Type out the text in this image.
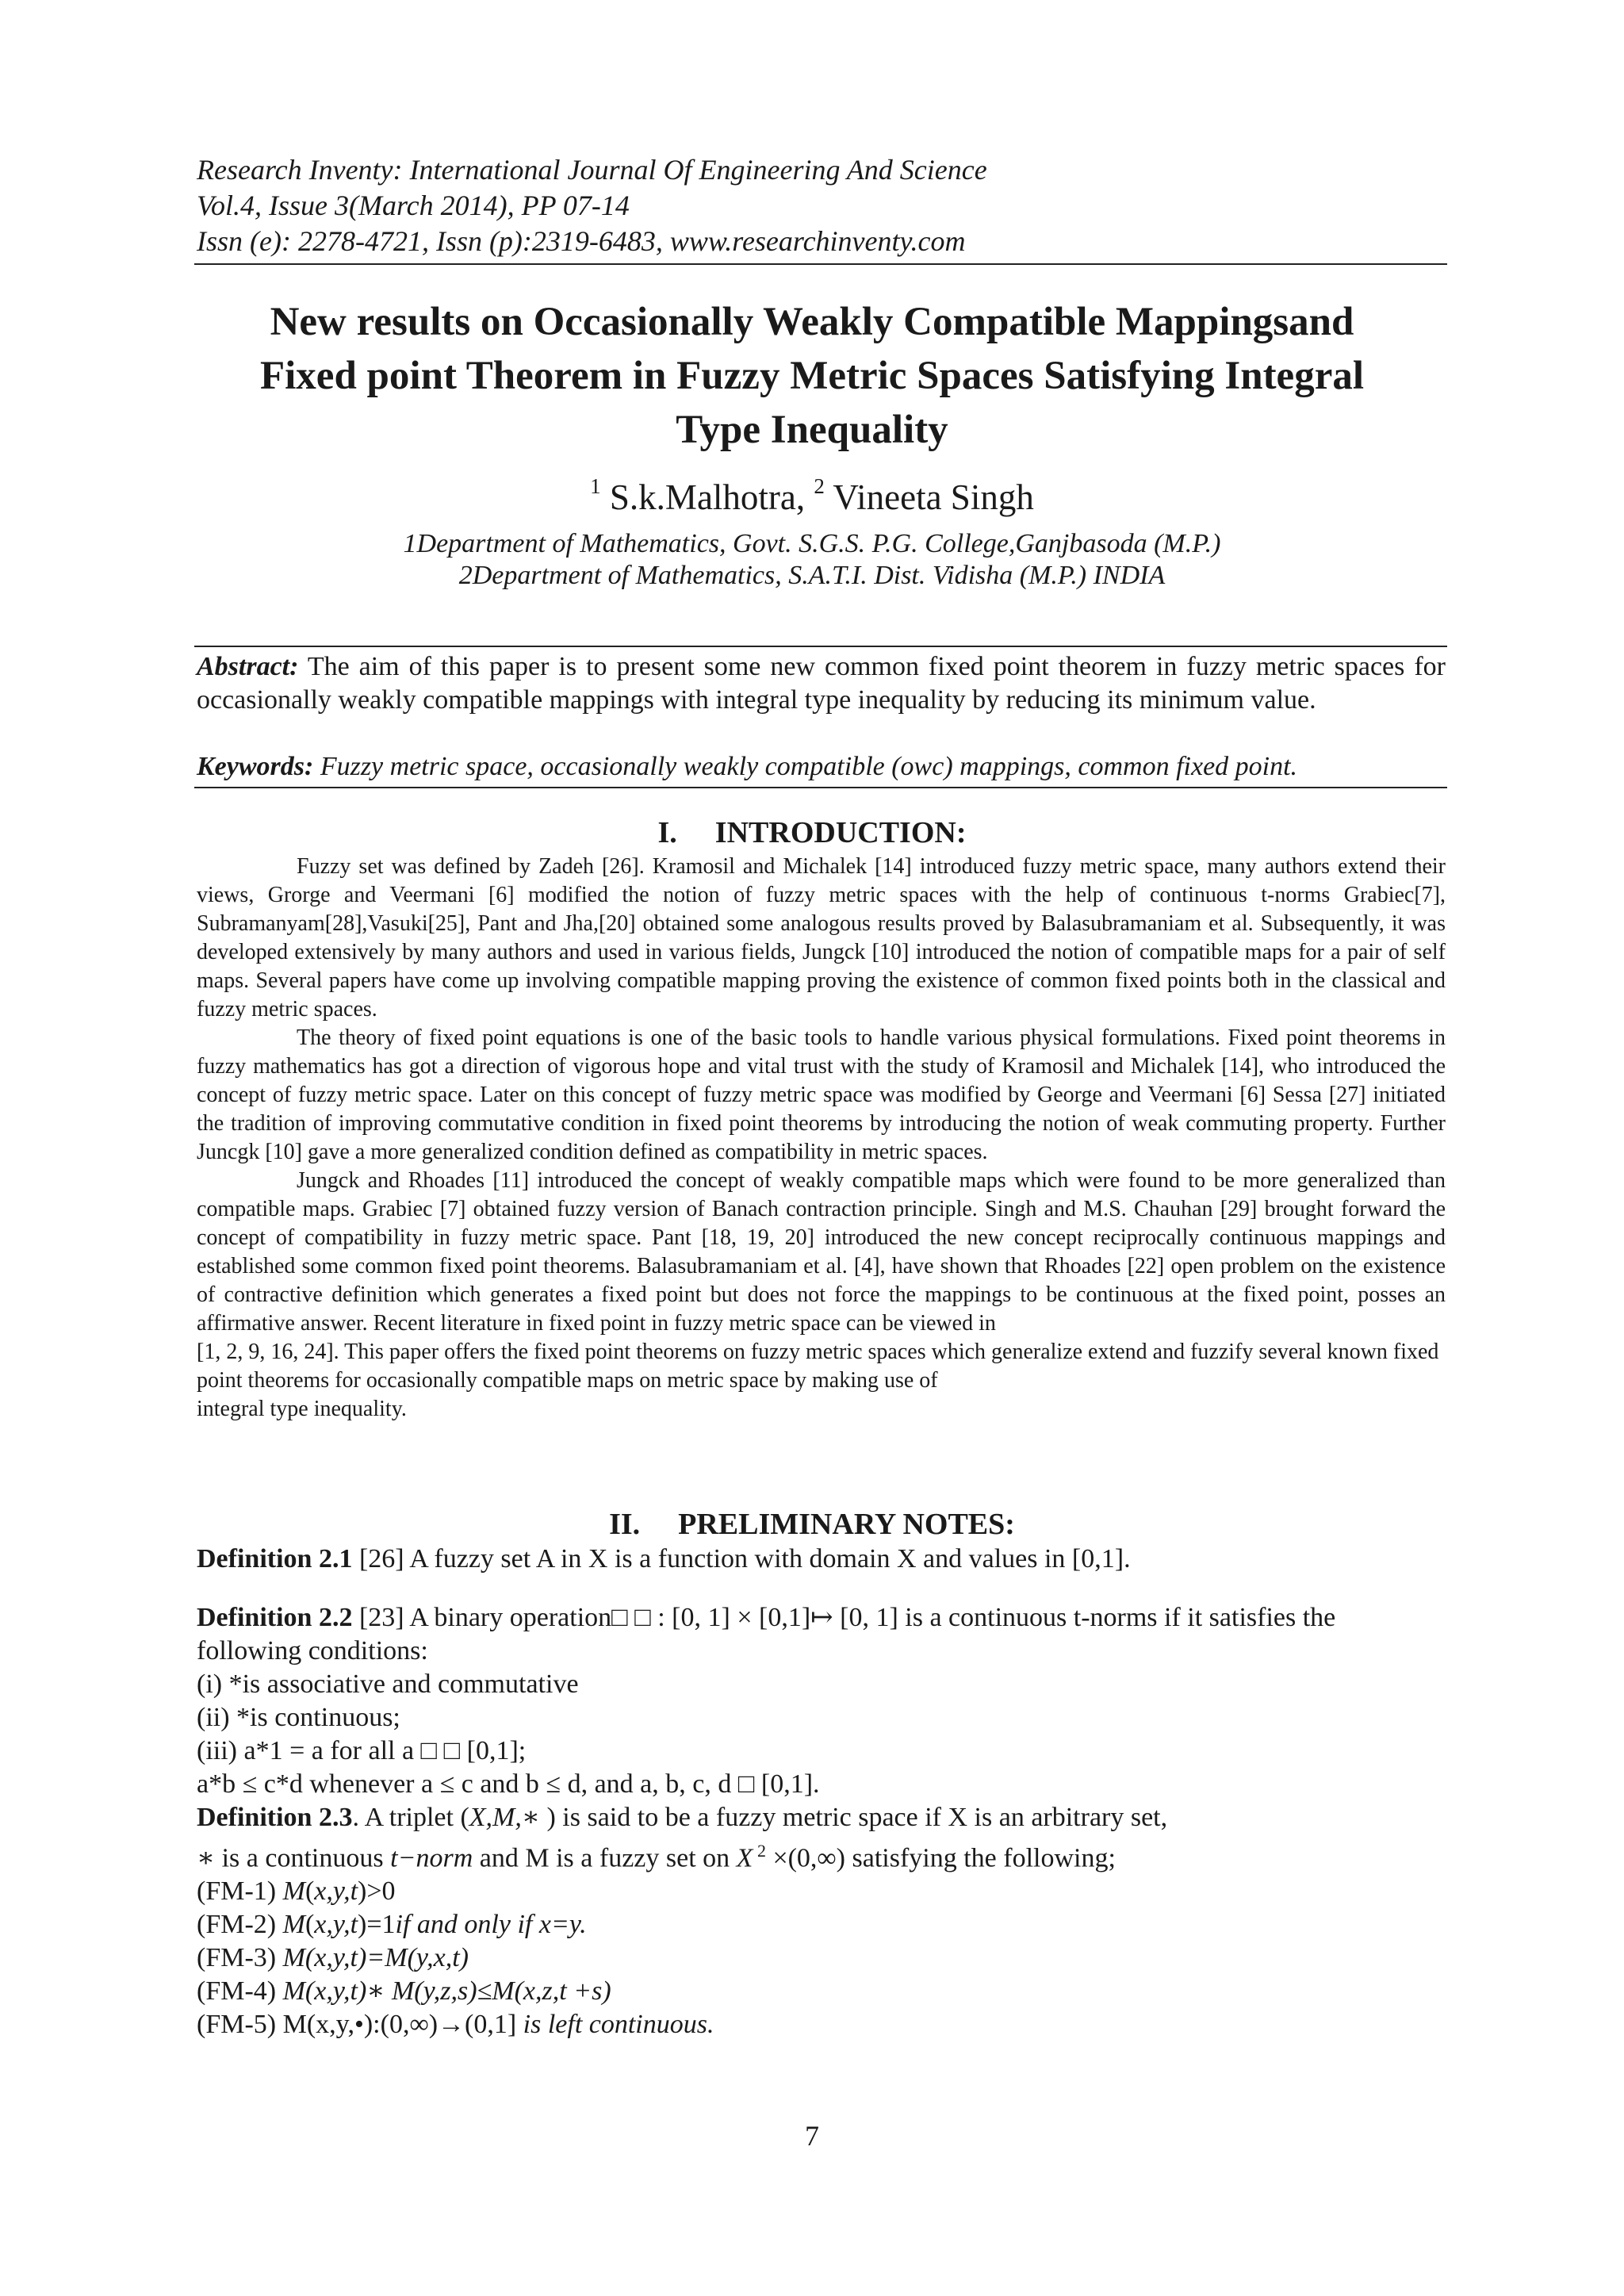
Research Inventy: International Journal Of Engineering And Science
Vol.4, Issue 3(March 2014), PP 07-14
Issn (e): 2278-4721, Issn (p):2319-6483, www.researchinventy.com
New results on Occasionally Weakly Compatible Mappingsand
Fixed point Theorem in Fuzzy Metric Spaces Satisfying Integral
Type Inequality
$^1$ S.k.Malhotra, $^2$ Vineeta Singh
1Department of Mathematics, Govt. S.G.S. P.G. College,Ganjbasoda (M.P.)
2Department of Mathematics, S.A.T.I. Dist. Vidisha (M.P.) INDIA
Abstract: The aim of this paper is to present some new common fixed point theorem in fuzzy metric spaces for occasionally weakly compatible mappings with integral type inequality by reducing its minimum value.
Keywords: Fuzzy metric space, occasionally weakly compatible (owc) mappings, common fixed point.
I. INTRODUCTION:

Fuzzy set was defined by Zadeh [26]. Kramosil and Michalek [14] introduced fuzzy metric space, many authors extend their views, Grorge and Veermani [6] modified the notion of fuzzy metric spaces with the help of continuous t-norms Grabiec[7], Subramanyam[28],Vasuki[25], Pant and Jha,[20] obtained some analogous results proved by Balasubramaniam et al. Subsequently, it was developed extensively by many authors and used in various fields, Jungck [10] introduced the notion of compatible maps for a pair of self maps. Several papers have come up involving compatible mapping proving the existence of common fixed points both in the classical and fuzzy metric spaces.

The theory of fixed point equations is one of the basic tools to handle various physical formulations. Fixed point theorems in fuzzy mathematics has got a direction of vigorous hope and vital trust with the study of Kramosil and Michalek [14], who introduced the concept of fuzzy metric space. Later on this concept of fuzzy metric space was modified by George and Veermani [6] Sessa [27] initiated the tradition of improving commutative condition in fixed point theorems by introducing the notion of weak commuting property. Further Juncgk [10] gave a more generalized condition defined as compatibility in metric spaces.

Jungck and Rhoades [11] introduced the concept of weakly compatible maps which were found to be more generalized than compatible maps. Grabiec [7] obtained fuzzy version of Banach contraction principle. Singh and M.S. Chauhan [29] brought forward the concept of compatibility in fuzzy metric space. Pant [18, 19, 20] introduced the new concept reciprocally continuous mappings and established some common fixed point theorems. Balasubramaniam et al. [4], have shown that Rhoades [22] open problem on the existence of contractive definition which generates a fixed point but does not force the mappings to be continuous at the fixed point, posses an affirmative answer. Recent literature in fixed point in fuzzy metric space can be viewed in

[1, 2, 9, 16, 24]. This paper offers the fixed point theorems on fuzzy metric spaces which generalize extend and fuzzify several known fixed point theorems for occasionally compatible maps on metric space by making use of

integral type inequality.

II. PRELIMINARY NOTES:

Definition 2.1 [26] A fuzzy set A in X is a function with domain X and values in [0,1].

Definition 2.2 [23] A binary operation□ □ : [0, 1] × [0,1]↦ [0, 1] is a continuous t-norms if it satisfies the following conditions:

(i) *is associative and commutative

(ii) *is continuous;

(iii) a*1 = a for all a □ □ [0,1];

a*b ≤ c*d whenever a ≤ c and b ≤ d, and a, b, c, d □ [0,1].

Definition 2.3. A triplet (X,M,∗ ) is said to be a fuzzy metric space if X is an arbitrary set,

∗ is a continuous t−norm and M is a fuzzy set on X $^2$ ×(0,∞) satisfying the following;

(FM-1) M(x,y,t)>0

(FM-2) M(x,y,t)=1if and only if x=y.

(FM-3) M(x,y,t)=M(y,x,t)

(FM-4) M(x,y,t)∗ M(y,z,s)≤M(x,z,t +s)

(FM-5) M(x,y,•):(0,∞)→(0,1] is left continuous.

7
